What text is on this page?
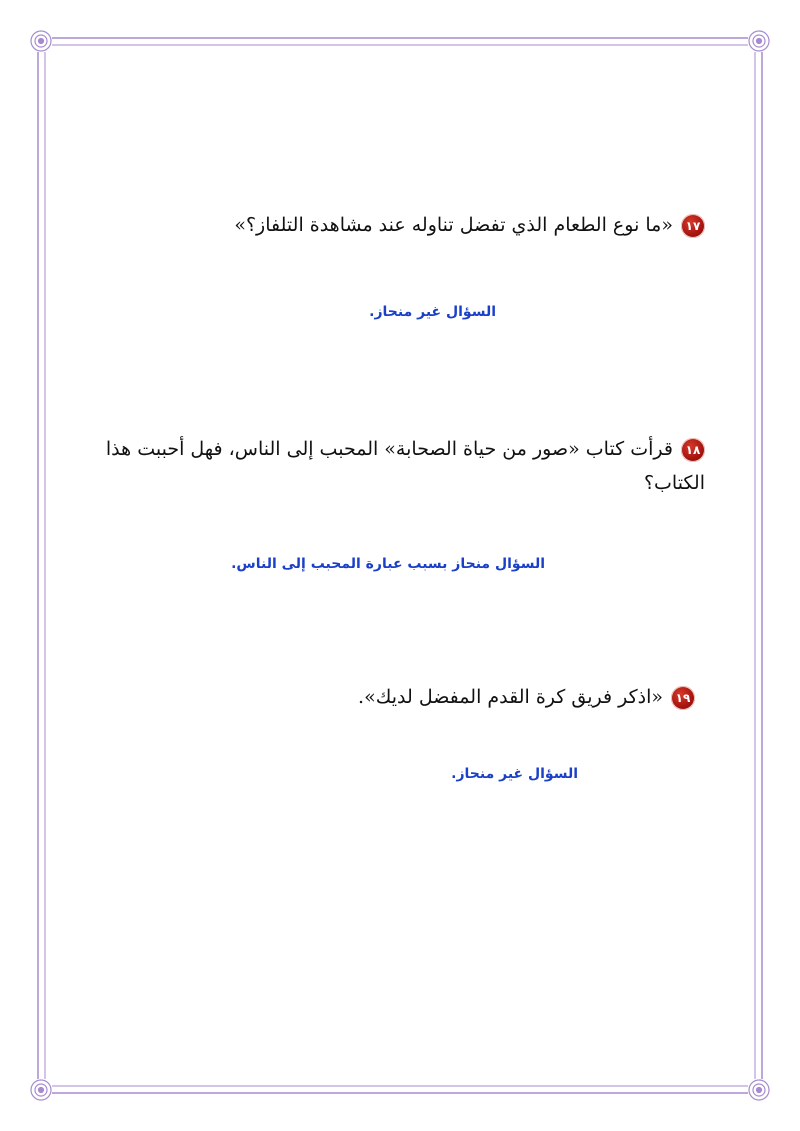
١٧«ما نوع الطعام الذي تفضل تناوله عند مشاهدة التلفاز؟»
السؤال غير منحاز.
١٨قرأت كتاب «صور من حياة الصحابة» المحبب إلى الناس، فهل أحببت هذا الكتاب؟
السؤال منحاز بسبب عبارة المحبب إلى الناس.
١٩«اذكر فريق كرة القدم المفضل لديك».
السؤال غير منحاز.
